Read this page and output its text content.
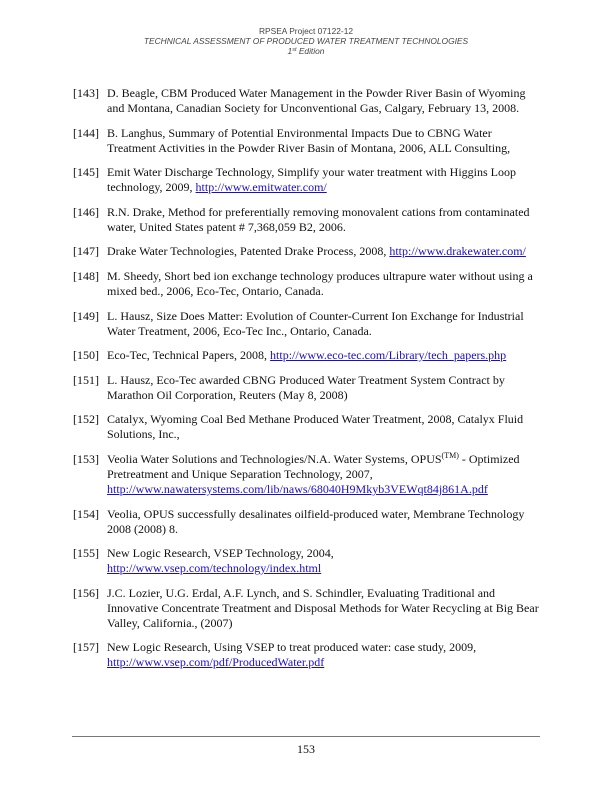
RPSEA Project 07122-12
TECHNICAL ASSESSMENT OF PRODUCED WATER TREATMENT TECHNOLOGIES
1st Edition
[143] D. Beagle, CBM Produced Water Management in the Powder River Basin of Wyoming and Montana, Canadian Society for Unconventional Gas, Calgary, February 13, 2008.
[144] B. Langhus, Summary of Potential Environmental Impacts Due to CBNG Water Treatment Activities in the Powder River Basin of Montana, 2006, ALL Consulting,
[145] Emit Water Discharge Technology, Simplify your water treatment with Higgins Loop technology, 2009, http://www.emitwater.com/
[146] R.N. Drake, Method for preferentially removing monovalent cations from contaminated water, United States patent # 7,368,059 B2, 2006.
[147] Drake Water Technologies, Patented Drake Process, 2008, http://www.drakewater.com/
[148] M. Sheedy, Short bed ion exchange technology produces ultrapure water without using a mixed bed., 2006, Eco-Tec, Ontario, Canada.
[149] L. Hausz, Size Does Matter: Evolution of Counter-Current Ion Exchange for Industrial Water Treatment, 2006, Eco-Tec Inc., Ontario, Canada.
[150] Eco-Tec, Technical Papers, 2008, http://www.eco-tec.com/Library/tech_papers.php
[151] L. Hausz, Eco-Tec awarded CBNG Produced Water Treatment System Contract by Marathon Oil Corporation, Reuters (May 8, 2008)
[152] Catalyx, Wyoming Coal Bed Methane Produced Water Treatment, 2008, Catalyx Fluid Solutions, Inc.,
[153] Veolia Water Solutions and Technologies/N.A. Water Systems, $OPUS^{(TM)}$ - Optimized Pretreatment and Unique Separation Technology, 2007,
http://www.nawatersystems.com/lib/naws/68040H9Mkyb3VEWqt84j861A.pdf
[154] Veolia, OPUS successfully desalinates oilfield-produced water, Membrane Technology 2008 (2008) 8.
[155] New Logic Research, VSEP Technology, 2004,
http://www.vsep.com/technology/index.html
[156] J.C. Lozier, U.G. Erdal, A.F. Lynch, and S. Schindler, Evaluating Traditional and Innovative Concentrate Treatment and Disposal Methods for Water Recycling at Big Bear Valley, California., (2007)
[157] New Logic Research, Using VSEP to treat produced water: case study, 2009,
http://www.vsep.com/pdf/ProducedWater.pdf
153
